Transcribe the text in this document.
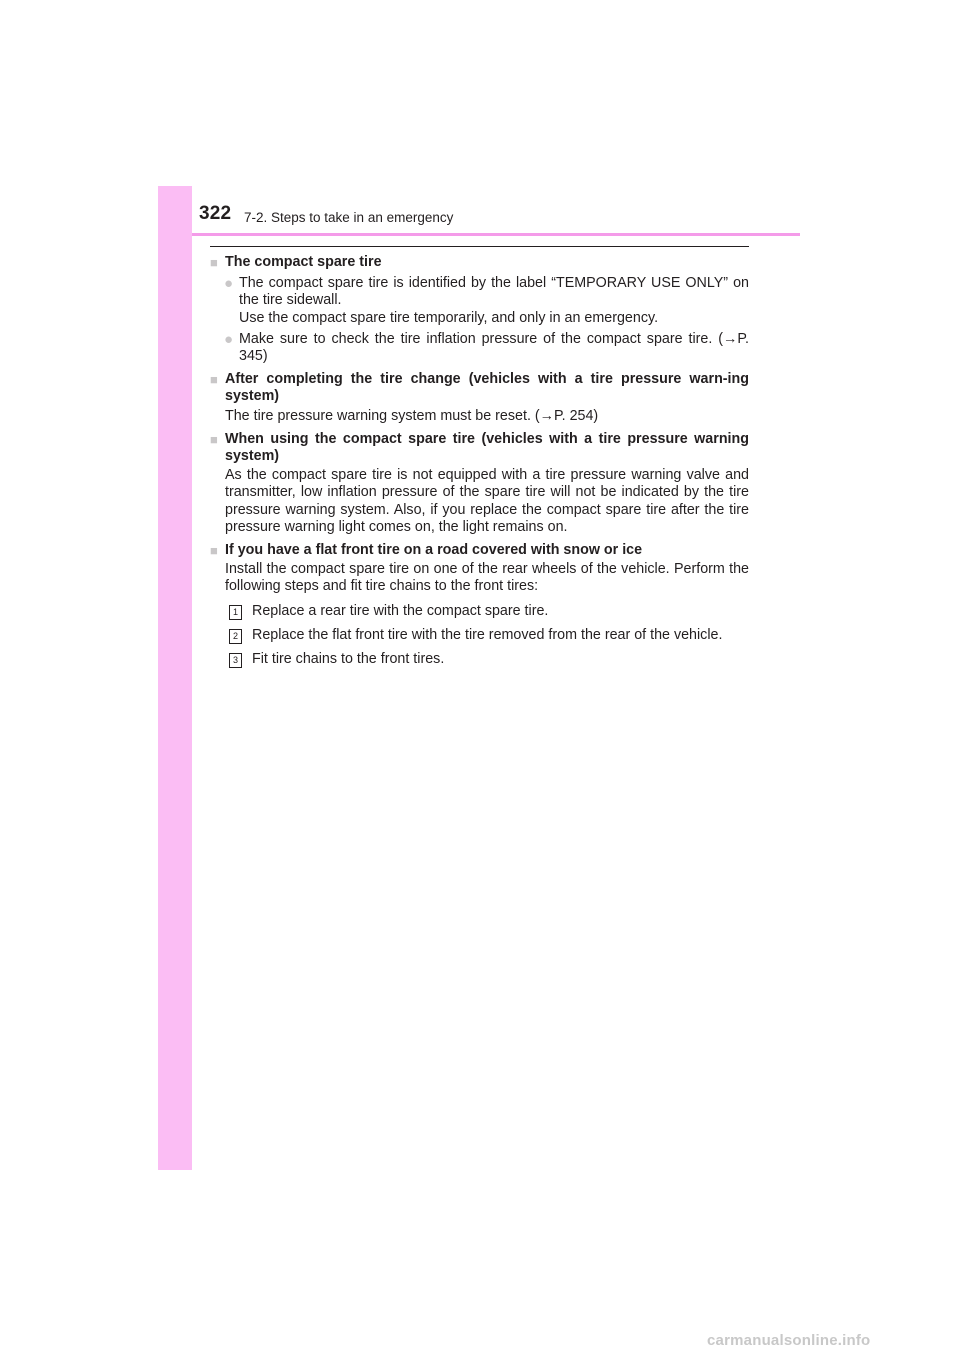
322 7-2. Steps to take in an emergency
■ The compact spare tire
● The compact spare tire is identified by the label “TEMPORARY USE ONLY” on the tire sidewall.
Use the compact spare tire temporarily, and only in an emergency.
● Make sure to check the tire inflation pressure of the compact spare tire. (→P. 345)
■ After completing the tire change (vehicles with a tire pressure warn-ing system)
The tire pressure warning system must be reset. (→P. 254)
■ When using the compact spare tire (vehicles with a tire pressure warning system)
As the compact spare tire is not equipped with a tire pressure warning valve and transmitter, low inflation pressure of the spare tire will not be indicated by the tire pressure warning system. Also, if you replace the compact spare tire after the tire pressure warning light comes on, the light remains on.
■ If you have a flat front tire on a road covered with snow or ice
Install the compact spare tire on one of the rear wheels of the vehicle. Perform the following steps and fit tire chains to the front tires:
1 Replace a rear tire with the compact spare tire.
2 Replace the flat front tire with the tire removed from the rear of the vehicle.
3 Fit tire chains to the front tires.
carmanualsonline.info
